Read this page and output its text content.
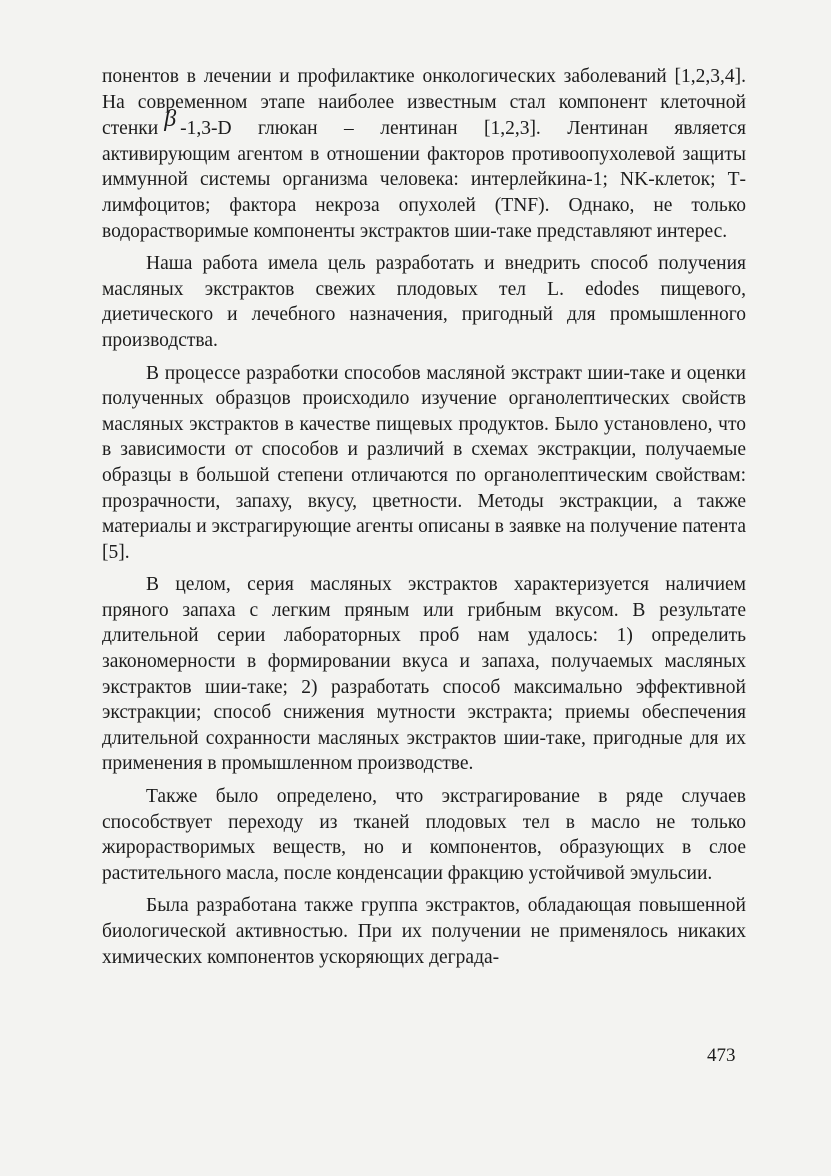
понентов в лечении и профилактике онкологических заболеваний [1,2,3,4]. На современном этапе наиболее известным стал компонент клеточной стенки β -1,3-D глюкан – лентинан [1,2,3]. Лентинан является активирующим агентом в отношении факторов противоопухолевой защиты иммунной системы организма человека: интерлейкина-1; NK-клеток; Т-лимфоцитов; фактора некроза опухолей (TNF). Однако, не только водорастворимые компоненты экстрактов шии-таке представляют интерес.

Наша работа имела цель разработать и внедрить способ получения масляных экстрактов свежих плодовых тел L. edodes пищевого, диетического и лечебного назначения, пригодный для промышленного производства.

В процессе разработки способов масляной экстракт шии-таке и оценки полученных образцов происходило изучение органолептических свойств масляных экстрактов в качестве пищевых продуктов. Было установлено, что в зависимости от способов и различий в схемах экстракции, получаемые образцы в большой степени отличаются по органолептическим свойствам: прозрачности, запаху, вкусу, цветности. Методы экстракции, а также материалы и экстрагирующие агенты описаны в заявке на получение патента [5].

В целом, серия масляных экстрактов характеризуется наличием пряного запаха с легким пряным или грибным вкусом. В результате длительной серии лабораторных проб нам удалось: 1) определить закономерности в формировании вкуса и запаха, получаемых масляных экстрактов шии-таке; 2) разработать способ максимально эффективной экстракции; способ снижения мутности экстракта; приемы обеспечения длительной сохранности масляных экстрактов шии-таке, пригодные для их применения в промышленном производстве.

Также было определено, что экстрагирование в ряде случаев способствует переходу из тканей плодовых тел в масло не только жирорастворимых веществ, но и компонентов, образующих в слое растительного масла, после конденсации фракцию устойчивой эмульсии.

Была разработана также группа экстрактов, обладающая повышенной биологической активностью. При их получении не применялось никаких химических компонентов ускоряющих деграда-

473
